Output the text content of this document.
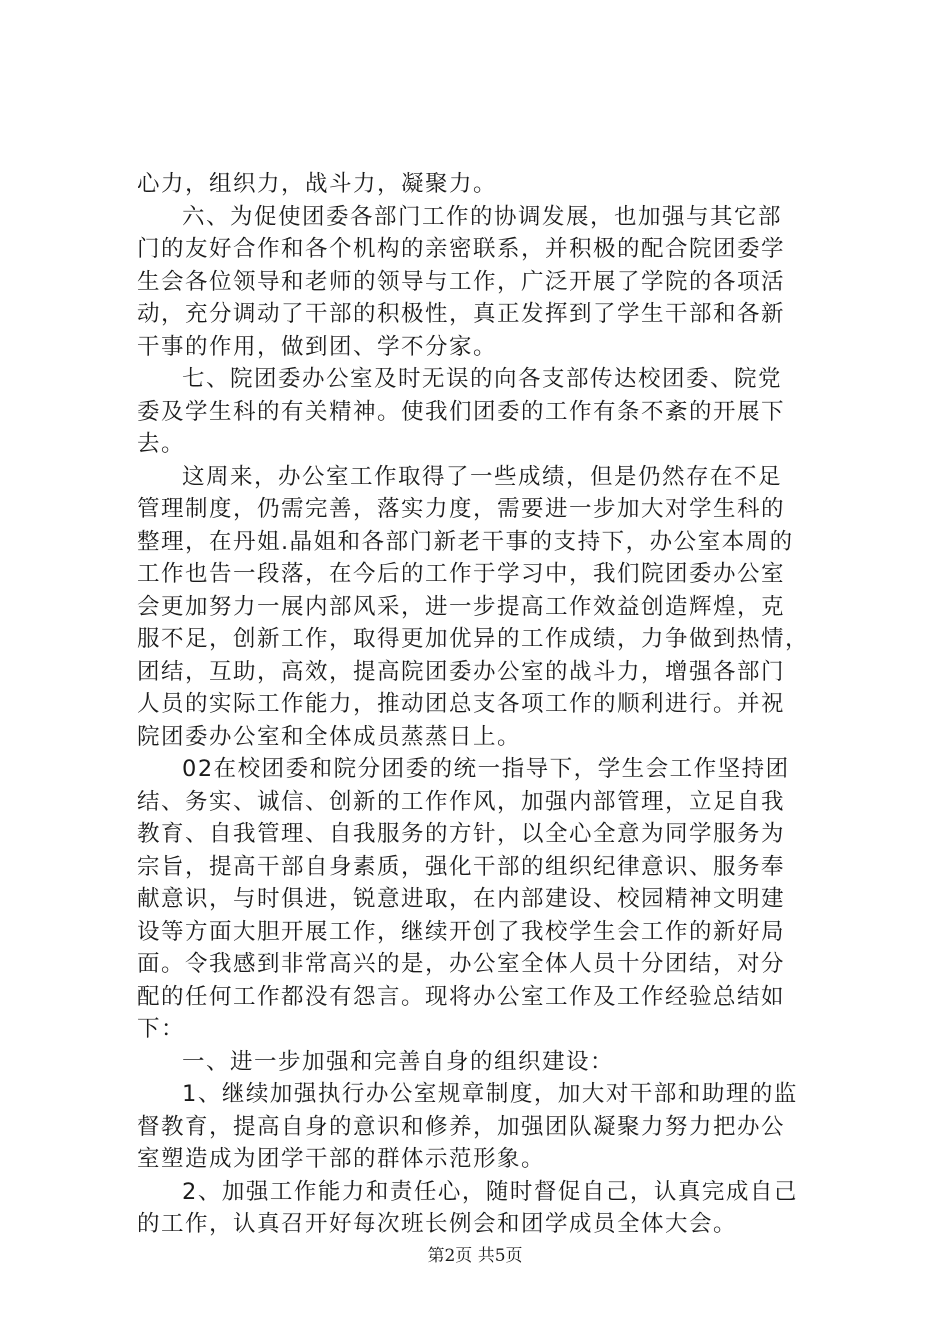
心力，组织力，战斗力，凝聚力。
六、为促使团委各部门工作的协调发展，也加强与其它部
门的友好合作和各个机构的亲密联系，并积极的配合院团委学
生会各位领导和老师的领导与工作，广泛开展了学院的各项活
动，充分调动了干部的积极性，真正发挥到了学生干部和各新
干事的作用，做到团、学不分家。
七、院团委办公室及时无误的向各支部传达校团委、院党
委及学生科的有关精神。使我们团委的工作有条不紊的开展下
去。
这周来，办公室工作取得了一些成绩，但是仍然存在不足
管理制度，仍需完善，落实力度，需要进一步加大对学生科的
整理，在丹姐.晶姐和各部门新老干事的支持下，办公室本周的
工作也告一段落，在今后的工作于学习中，我们院团委办公室
会更加努力一展内部风采，进一步提高工作效益创造辉煌，克
服不足，创新工作，取得更加优异的工作成绩，力争做到热情，
团结，互助，高效，提高院团委办公室的战斗力，增强各部门
人员的实际工作能力，推动团总支各项工作的顺利进行。并祝
院团委办公室和全体成员蒸蒸日上。
02在校团委和院分团委的统一指导下，学生会工作坚持团
结、务实、诚信、创新的工作作风，加强内部管理，立足自我
教育、自我管理、自我服务的方针，以全心全意为同学服务为
宗旨，提高干部自身素质，强化干部的组织纪律意识、服务奉
献意识，与时俱进，锐意进取，在内部建设、校园精神文明建
设等方面大胆开展工作，继续开创了我校学生会工作的新好局
面。令我感到非常高兴的是，办公室全体人员十分团结，对分
配的任何工作都没有怨言。现将办公室工作及工作经验总结如
下：
一、进一步加强和完善自身的组织建设：
1、继续加强执行办公室规章制度，加大对干部和助理的监
督教育，提高自身的意识和修养，加强团队凝聚力努力把办公
室塑造成为团学干部的群体示范形象。
2、加强工作能力和责任心，随时督促自己，认真完成自己
的工作，认真召开好每次班长例会和团学成员全体大会。
第2页 共5页
